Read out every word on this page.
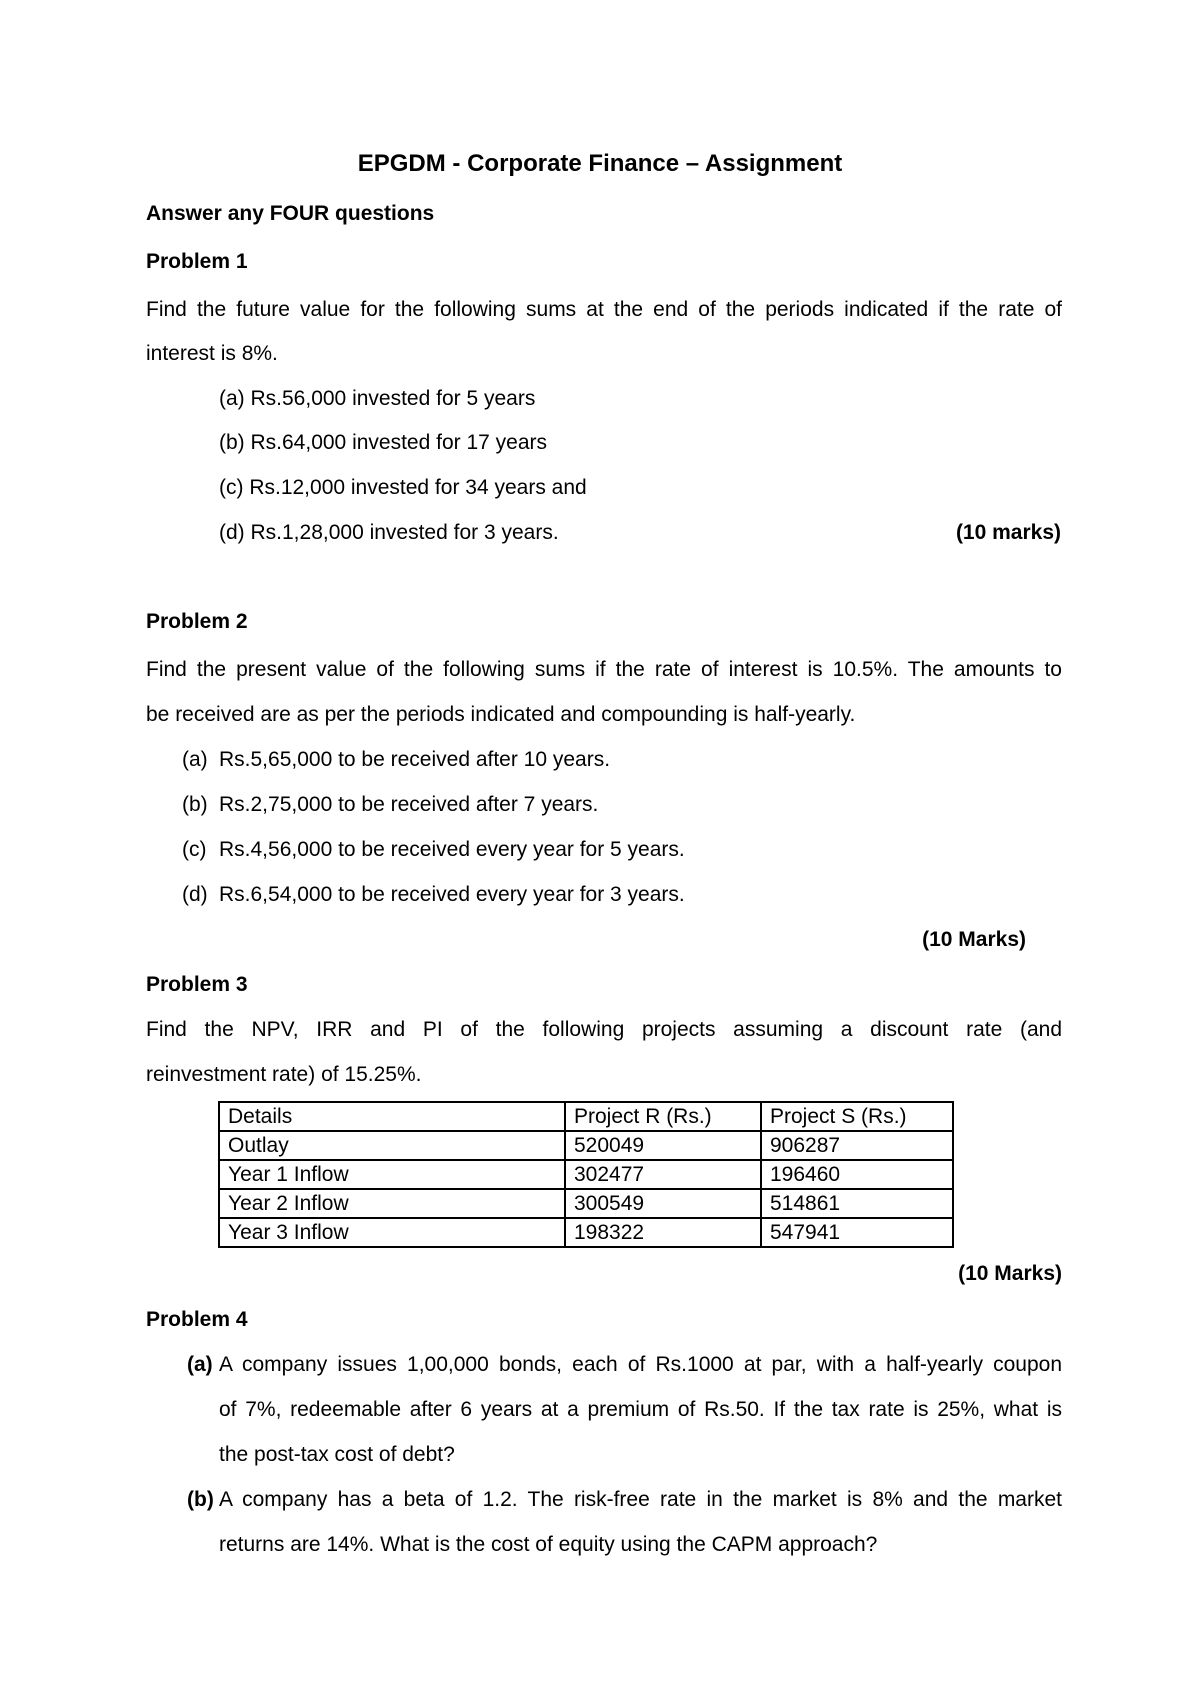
EPGDM - Corporate Finance – Assignment
Answer any FOUR questions
Problem 1
Find the future value for the following sums at the end of the periods indicated if the rate of
interest is 8%.
(a) Rs.56,000 invested for 5 years
(b) Rs.64,000 invested for 17 years
(c) Rs.12,000 invested for 34 years and
(d) Rs.1,28,000 invested for 3 years.	(10 marks)
Problem 2
Find the present value of the following sums if the rate of interest is 10.5%. The amounts to
be received are as per the periods indicated and compounding is half-yearly.
(a) Rs.5,65,000 to be received after 10 years.
(b) Rs.2,75,000 to be received after 7 years.
(c) Rs.4,56,000 to be received every year for 5 years.
(d) Rs.6,54,000 to be received every year for 3 years.
(10 Marks)
Problem 3
Find the NPV, IRR and PI of the following projects assuming a discount rate (and
reinvestment rate) of 15.25%.
Details	Project R (Rs.)	Project S (Rs.)
Outlay	520049	906287
Year 1 Inflow	302477	196460
Year 2 Inflow	300549	514861
Year 3 Inflow	198322	547941
(10 Marks)
Problem 4
(a) A company issues 1,00,000 bonds, each of Rs.1000 at par, with a half-yearly coupon
of 7%, redeemable after 6 years at a premium of Rs.50. If the tax rate is 25%, what is
the post-tax cost of debt?
(b) A company has a beta of 1.2. The risk-free rate in the market is 8% and the market
returns are 14%. What is the cost of equity using the CAPM approach?
